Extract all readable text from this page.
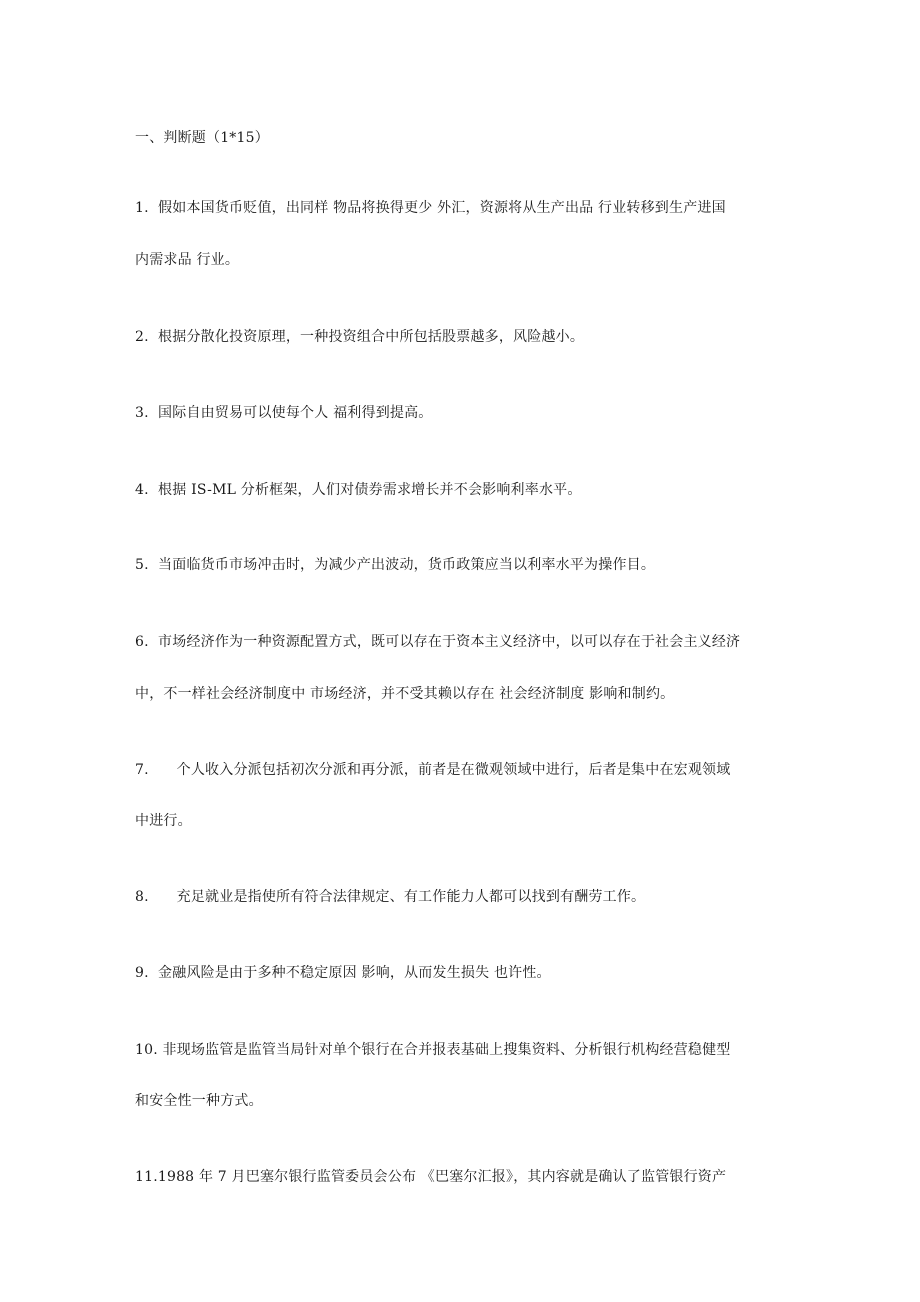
一、判断题（1*15）
1.  假如本国货币贬值，出同样 物品将换得更少 外汇，资源将从生产出品 行业转移到生产进国
内需求品 行业。
2.  根据分散化投资原理，一种投资组合中所包括股票越多，风险越小。
3.  国际自由贸易可以使每个人 福利得到提高。
4.  根据 IS-ML 分析框架，人们对债券需求增长并不会影响利率水平。
5.  当面临货币市场冲击时，为减少产出波动，货币政策应当以利率水平为操作目。
6.  市场经济作为一种资源配置方式，既可以存在于资本主义经济中，以可以存在于社会主义经济
中，不一样社会经济制度中 市场经济，并不受其赖以存在 社会经济制度 影响和制约。
7.      个人收入分派包括初次分派和再分派，前者是在微观领域中进行，后者是集中在宏观领域
中进行。
8.      充足就业是指使所有符合法律规定、有工作能力人都可以找到有酬劳工作。
9.  金融风险是由于多种不稳定原因 影响，从而发生损失 也许性。
10. 非现场监管是监管当局针对单个银行在合并报表基础上搜集资料、分析银行机构经营稳健型
和安全性一种方式。
11.1988 年 7 月巴塞尔银行监管委员会公布 《巴塞尔汇报》，其内容就是确认了监管银行资产
